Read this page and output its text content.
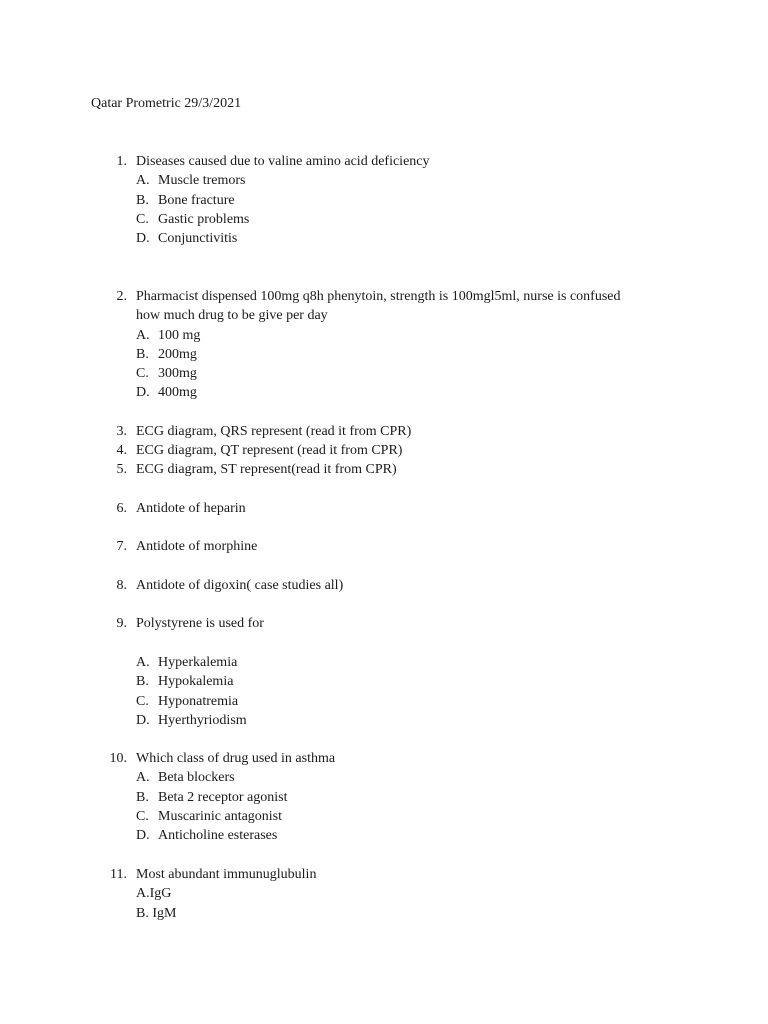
Qatar Prometric 29/3/2021
1. Diseases caused due to valine amino acid deficiency
A. Muscle tremors
B. Bone fracture
C. Gastic problems
D. Conjunctivitis
2. Pharmacist dispensed 100mg q8h phenytoin, strength is 100mgl5ml, nurse is confused
how much drug to be give per day
A. 100 mg
B. 200mg
C. 300mg
D. 400mg
3. ECG diagram, QRS represent (read it from CPR)
4. ECG diagram, QT represent (read it from CPR)
5. ECG diagram, ST represent(read it from CPR)
6. Antidote of heparin
7. Antidote of morphine
8. Antidote of digoxin( case studies all)
9. Polystyrene is used for
A. Hyperkalemia
B. Hypokalemia
C. Hyponatremia
D. Hyerthyriodism
10. Which class of drug used in asthma
A. Beta blockers
B. Beta 2 receptor agonist
C. Muscarinic antagonist
D. Anticholine esterases
11. Most abundant immunuglubulin
A.IgG
B. IgM
